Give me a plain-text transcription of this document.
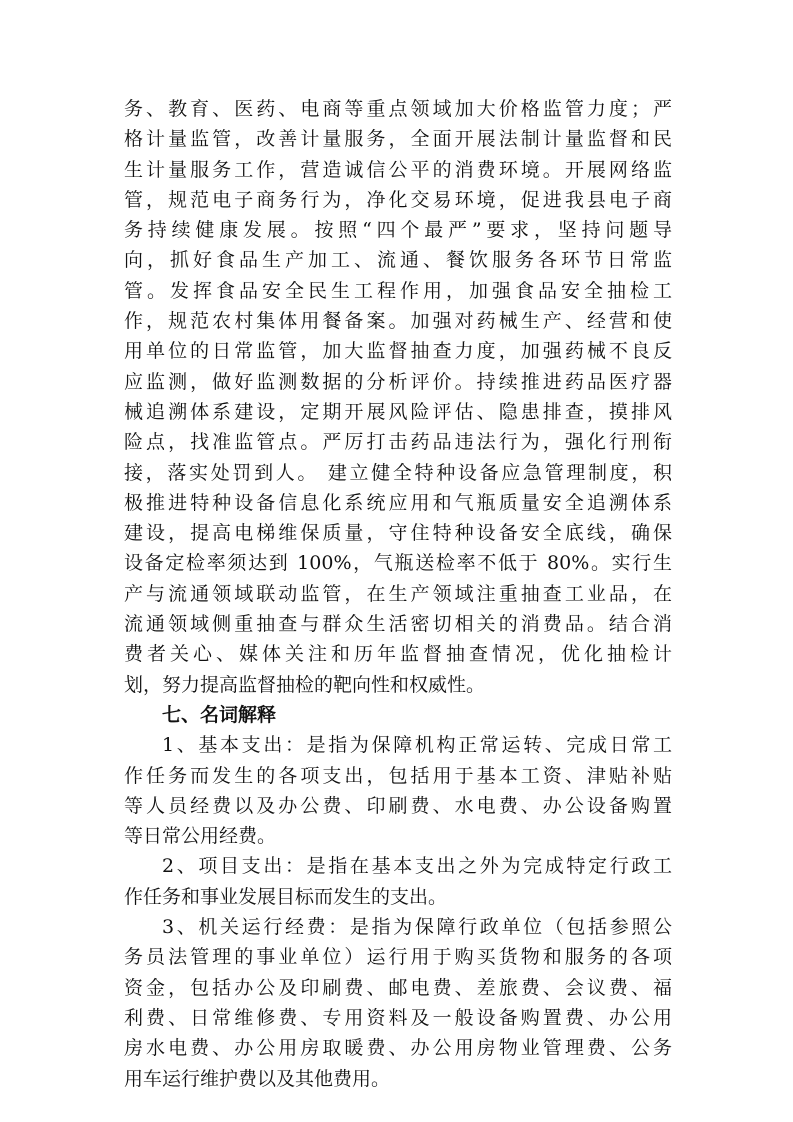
务、教育、医药、电商等重点领域加大价格监管力度；严
格计量监管，改善计量服务，全面开展法制计量监督和民
生计量服务工作，营造诚信公平的消费环境。开展网络监
管，规范电子商务行为，净化交易环境，促进我县电子商
务持续健康发展。按照“四个最严”要求，坚持问题导
向，抓好食品生产加工、流通、餐饮服务各环节日常监
管。发挥食品安全民生工程作用，加强食品安全抽检工
作，规范农村集体用餐备案。加强对药械生产、经营和使
用单位的日常监管，加大监督抽查力度，加强药械不良反
应监测，做好监测数据的分析评价。持续推进药品医疗器
械追溯体系建设，定期开展风险评估、隐患排查，摸排风
险点，找准监管点。严厉打击药品违法行为，强化行刑衔
接，落实处罚到人。 建立健全特种设备应急管理制度，积
极推进特种设备信息化系统应用和气瓶质量安全追溯体系
建设，提高电梯维保质量，守住特种设备安全底线，确保
设备定检率须达到 100%，气瓶送检率不低于 80%。实行生
产与流通领域联动监管，在生产领域注重抽查工业品，在
流通领域侧重抽查与群众生活密切相关的消费品。结合消
费者关心、媒体关注和历年监督抽查情况，优化抽检计
划，努力提高监督抽检的靶向性和权威性。
七、名词解释
1、基本支出：是指为保障机构正常运转、完成日常工
作任务而发生的各项支出，包括用于基本工资、津贴补贴
等人员经费以及办公费、印刷费、水电费、办公设备购置
等日常公用经费。
2、项目支出：是指在基本支出之外为完成特定行政工
作任务和事业发展目标而发生的支出。
3、机关运行经费：是指为保障行政单位（包括参照公
务员法管理的事业单位）运行用于购买货物和服务的各项
资金，包括办公及印刷费、邮电费、差旅费、会议费、福
利费、日常维修费、专用资料及一般设备购置费、办公用
房水电费、办公用房取暖费、办公用房物业管理费、公务
用车运行维护费以及其他费用。
